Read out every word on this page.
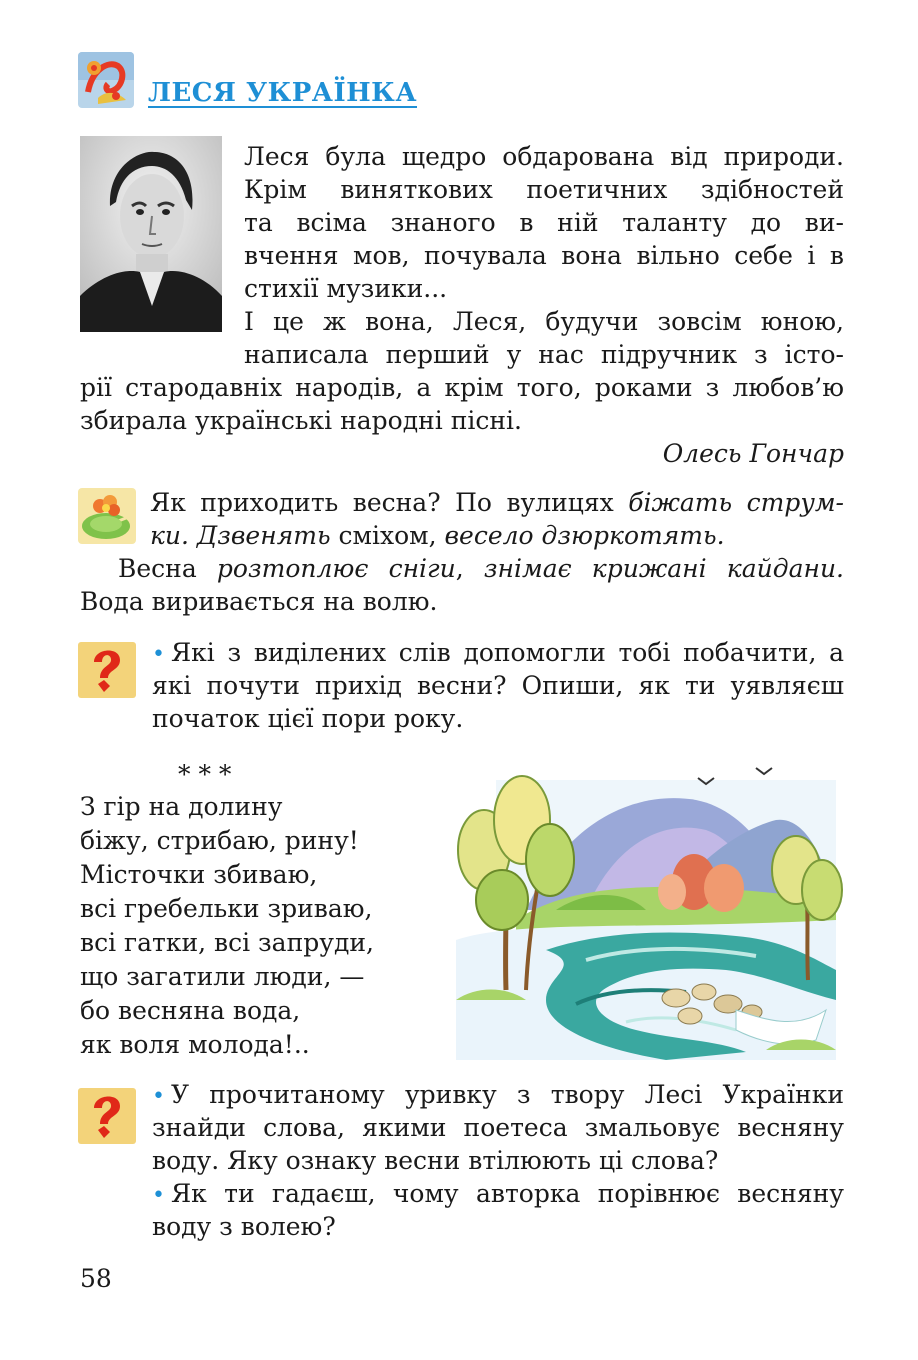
ЛЕСЯ УКРАЇНКА
Леся була щедро обдарована від природи.
Крім виняткових поетичних здібностей
та всіма знаного в ній таланту до ви-
вчення мов, почувала вона вільно себе і в
стихії музики...
І це ж вона, Леся, будучи зовсім юною,
написала перший у нас підручник з істо-
рії стародавніх народів, а крім того, роками з любов’ю
збирала українські народні пісні.
Олесь Гончар
Як приходить весна? По вулицях біжать струм-
ки. Дзвенять сміхом, весело дзюркотять.
Весна розтоплює сніги, знімає крижані кайдани.
Вода виривається на волю.
• Які з виділених слів допомогли тобі побачити, а
які почути прихід весни? Опиши, як ти уявляєш
початок цієї пори року.
* * *
З гір на долину
біжу, стрибаю, рину!
Місточки збиваю,
всі гребельки зриваю,
всі гатки, всі запруди,
що загатили люди, —
бо весняна вода,
як воля молода!..
• У прочитаному уривку з твору Лесі Українки
знайди слова, якими поетеса змальовує весняну
воду. Яку ознаку весни втілюють ці слова?
• Як ти гадаєш, чому авторка порівнює весняну
воду з волею?
58
